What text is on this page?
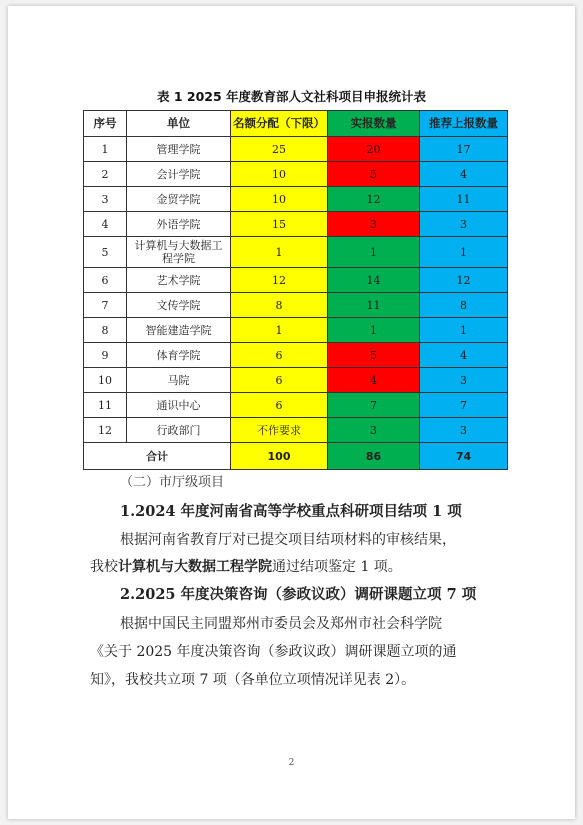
表 1 2025 年度教育部人文社科项目申报统计表
序号	单位	名额分配（下限）	实报数量	推荐上报数量
1	管理学院	25	20	17
2	会计学院	10	5	4
3	金贸学院	10	12	11
4	外语学院	15	3	3
5	计算机与大数据工程学院	1	1	1
6	艺术学院	12	14	12
7	文传学院	8	11	8
8	智能建造学院	1	1	1
9	体育学院	6	5	4
10	马院	6	4	3
11	通识中心	6	7	7
12	行政部门	不作要求	3	3
合计		100	86	74
（二）市厅级项目
1.2024 年度河南省高等学校重点科研项目结项 1 项
根据河南省教育厅对已提交项目结项材料的审核结果，
我校计算机与大数据工程学院通过结项鉴定 1 项。
2.2025 年度决策咨询（参政议政）调研课题立项 7 项
根据中国民主同盟郑州市委员会及郑州市社会科学院
《关于 2025 年度决策咨询（参政议政）调研课题立项的通
知》，我校共立项 7 项（各单位立项情况详见表 2）。
2
